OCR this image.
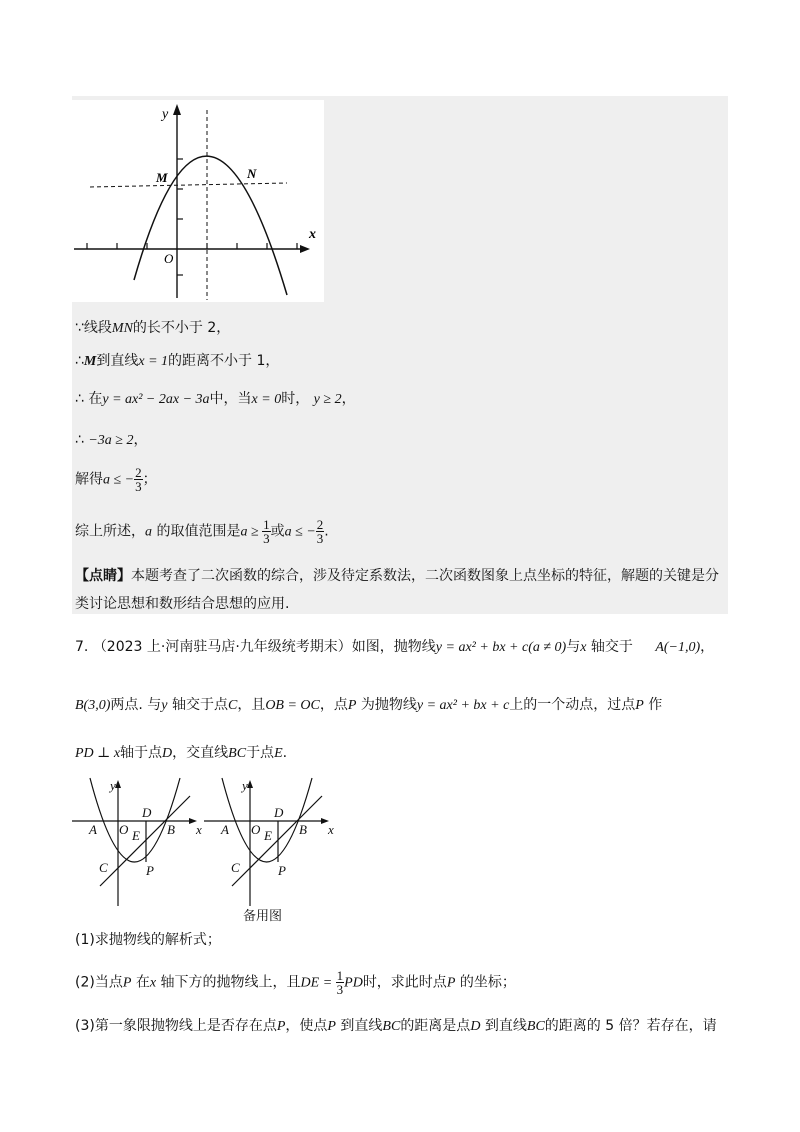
y
x
M	N
O
∵线段MN的长不小于 2，
∴M到直线x = 1的距离不小于 1，
∴ 在y = ax² − 2ax − 3a中，当x = 0时， y ≥ 2，
∴ −3a ≥ 2，
解得a ≤ − $\frac{2}{3}$ ；
综上所述，a 的取值范围是$a \ge \frac{1}{3}$ 或a ≤ − $\frac{2}{3}$ .
【点睛】本题考查了二次函数的综合，涉及待定系数法，二次函数图象上点坐标的特征，解题的关键是分
类讨论思想和数形结合思想的应用.
7. （2023 上·河南驻马店·九年级统考期末）如图，抛物线y = ax² + bx + c(a ≠ 0)与x 轴交于 A(−1,0)，
B(3,0)两点. 与y 轴交于点C，且OB = OC，点P 为抛物线y = ax² + bx + c上的一个动点，过点P 作
PD ⊥ x轴于点D，交直线BC于点E.
y
x
A O
D
E B
C	P
y
x
A O
D
E B
C	P
备用图
(1)求抛物线的解析式；
(2)当点P 在x 轴下方的抛物线上，且DE = $\frac{1}{3}$ PD时，求此时点P 的坐标；
(3)第一象限抛物线上是否存在点P，使点P 到直线BC的距离是点D 到直线BC的距离的 5 倍？若存在，请
